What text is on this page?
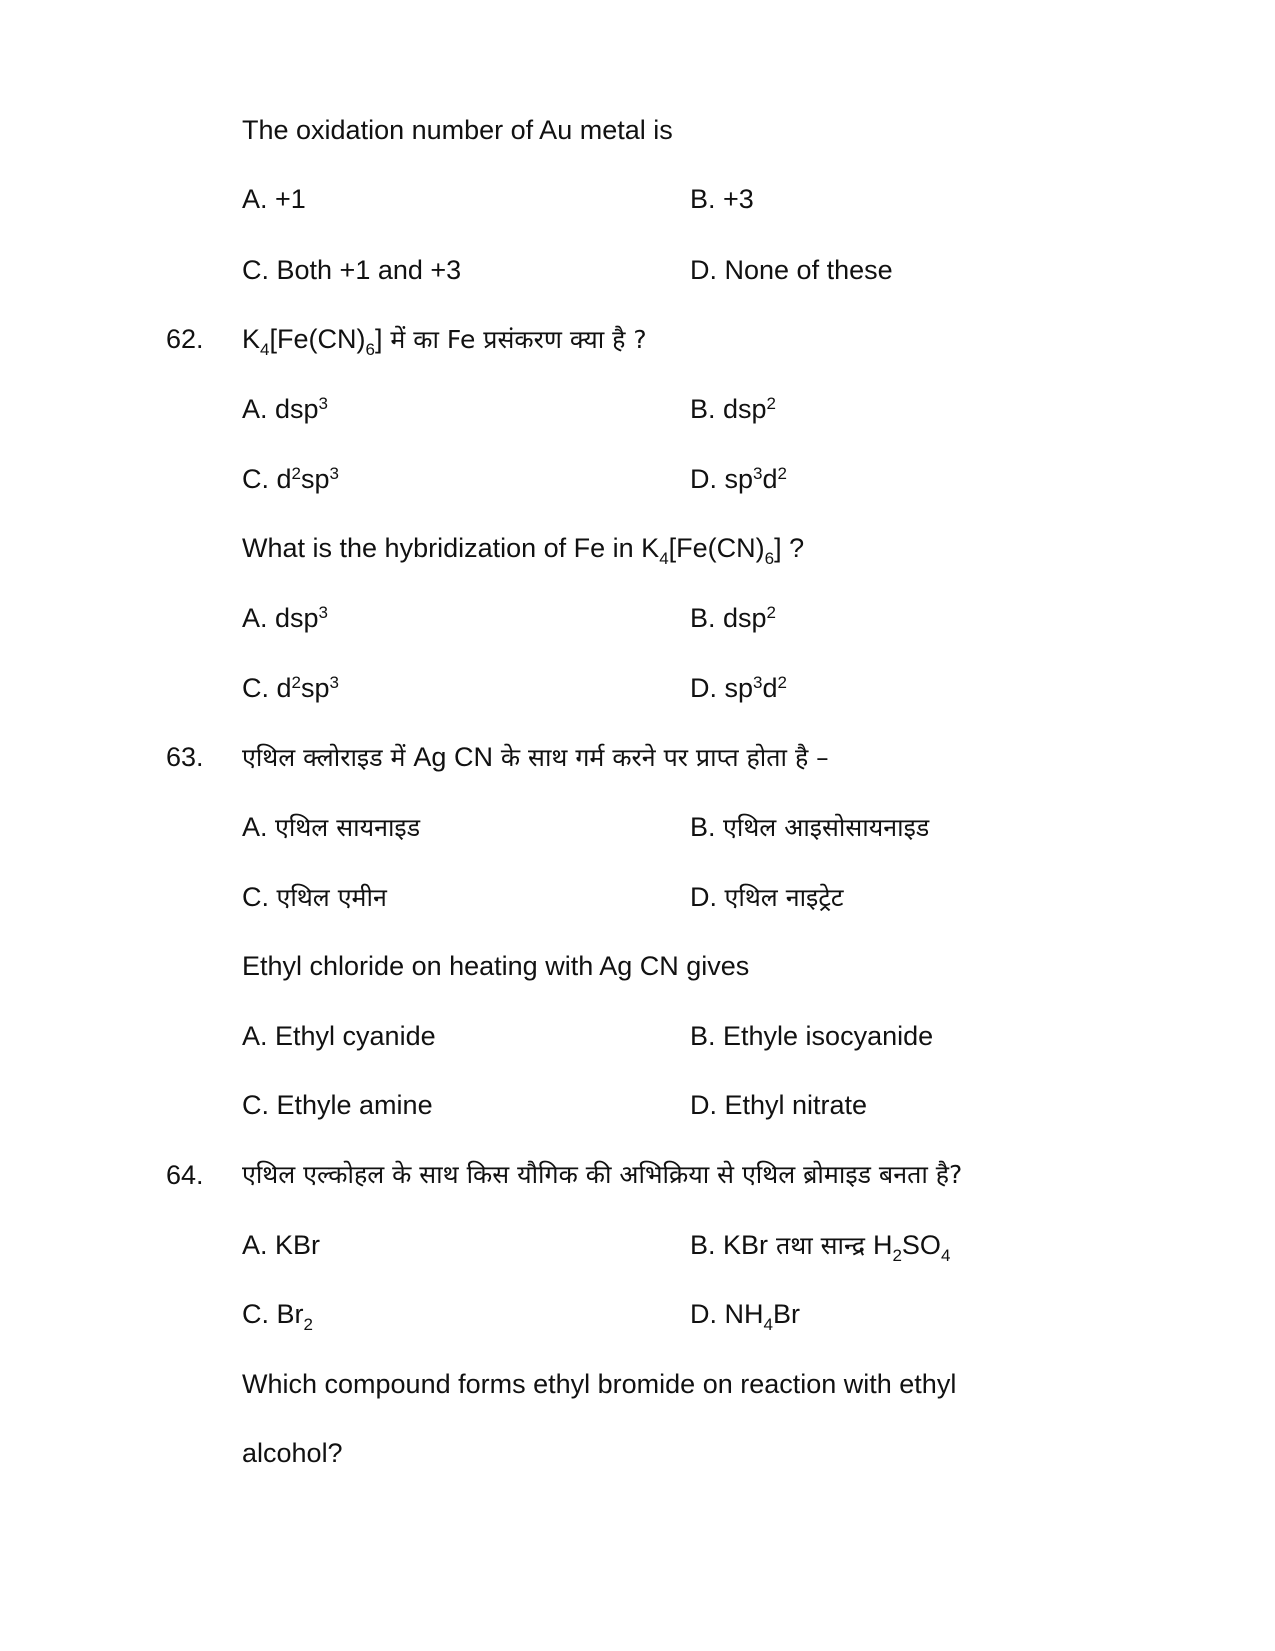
The oxidation number of Au metal is
A. +1	B. +3
C. Both +1 and +3	D. None of these
62. $K_4[Fe(CN)_6]$ में का Fe प्रसंकरण क्या है ?
A. dsp$^3$	B. dsp$^2$
C. $d^2sp^3$	D. $sp^3d^2$
What is the hybridization of Fe in $K_4[Fe(CN)_6]$ ?
A. dsp$^3$	B. dsp$^2$
C. $d^2sp^3$	D. $sp^3d^2$
63. एथिल क्लोराइड में Ag CN के साथ गर्म करने पर प्राप्त होता है –
A. एथिल सायनाइड	B. एथिल आइसोसायनाइड
C. एथिल एमीन	D. एथिल नाइट्रेट
Ethyl chloride on heating with Ag CN gives
A. Ethyl cyanide	B. Ethyle isocyanide
C. Ethyle amine	D. Ethyl nitrate
64. एथिल एल्कोहल के साथ किस यौगिक की अभिक्रिया से एथिल ब्रोमाइड बनता है?
A. KBr	B. KBr तथा सान्द्र $H_2SO_4$
C. $Br_2$	D. $NH_4Br$
Which compound forms ethyl bromide on reaction with ethyl
alcohol?
